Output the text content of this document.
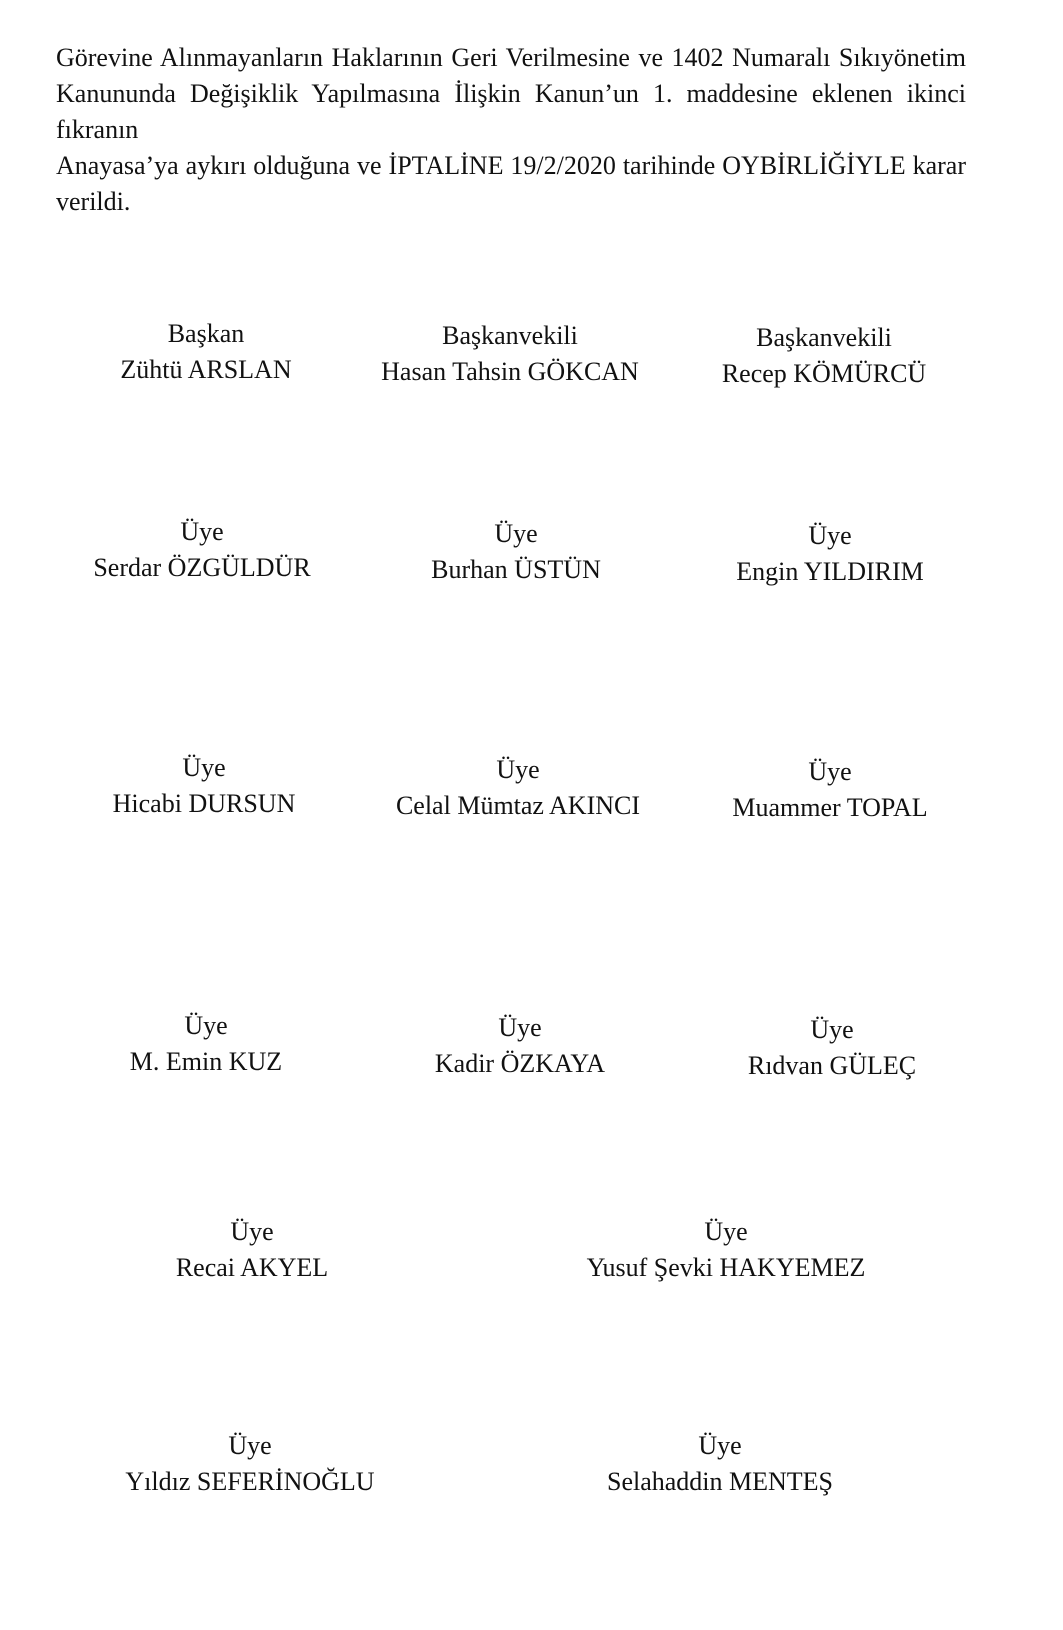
Görevine Alınmayanların Haklarının Geri Verilmesine ve 1402 Numaralı Sıkıyönetim
Kanununda Değişiklik Yapılmasına İlişkin Kanun’un 1. maddesine eklenen ikinci fıkranın
Anayasa’ya aykırı olduğuna ve İPTALİNE 19/2/2020 tarihinde OYBİRLİĞİYLE karar
verildi.

Başkan
Zühtü ARSLAN
Başkanvekili
Hasan Tahsin GÖKCAN
Başkanvekili
Recep KÖMÜRCÜ
Üye
Serdar ÖZGÜLDÜR
Üye
Burhan ÜSTÜN
Üye
Engin YILDIRIM
Üye
Hicabi DURSUN
Üye
Celal Mümtaz AKINCI
Üye
Muammer TOPAL
Üye
M. Emin KUZ
Üye
Kadir ÖZKAYA
Üye
Rıdvan GÜLEÇ
Üye
Recai AKYEL
Üye
Yusuf Şevki HAKYEMEZ
Üye
Yıldız SEFERİNOĞLU
Üye
Selahaddin MENTEŞ
